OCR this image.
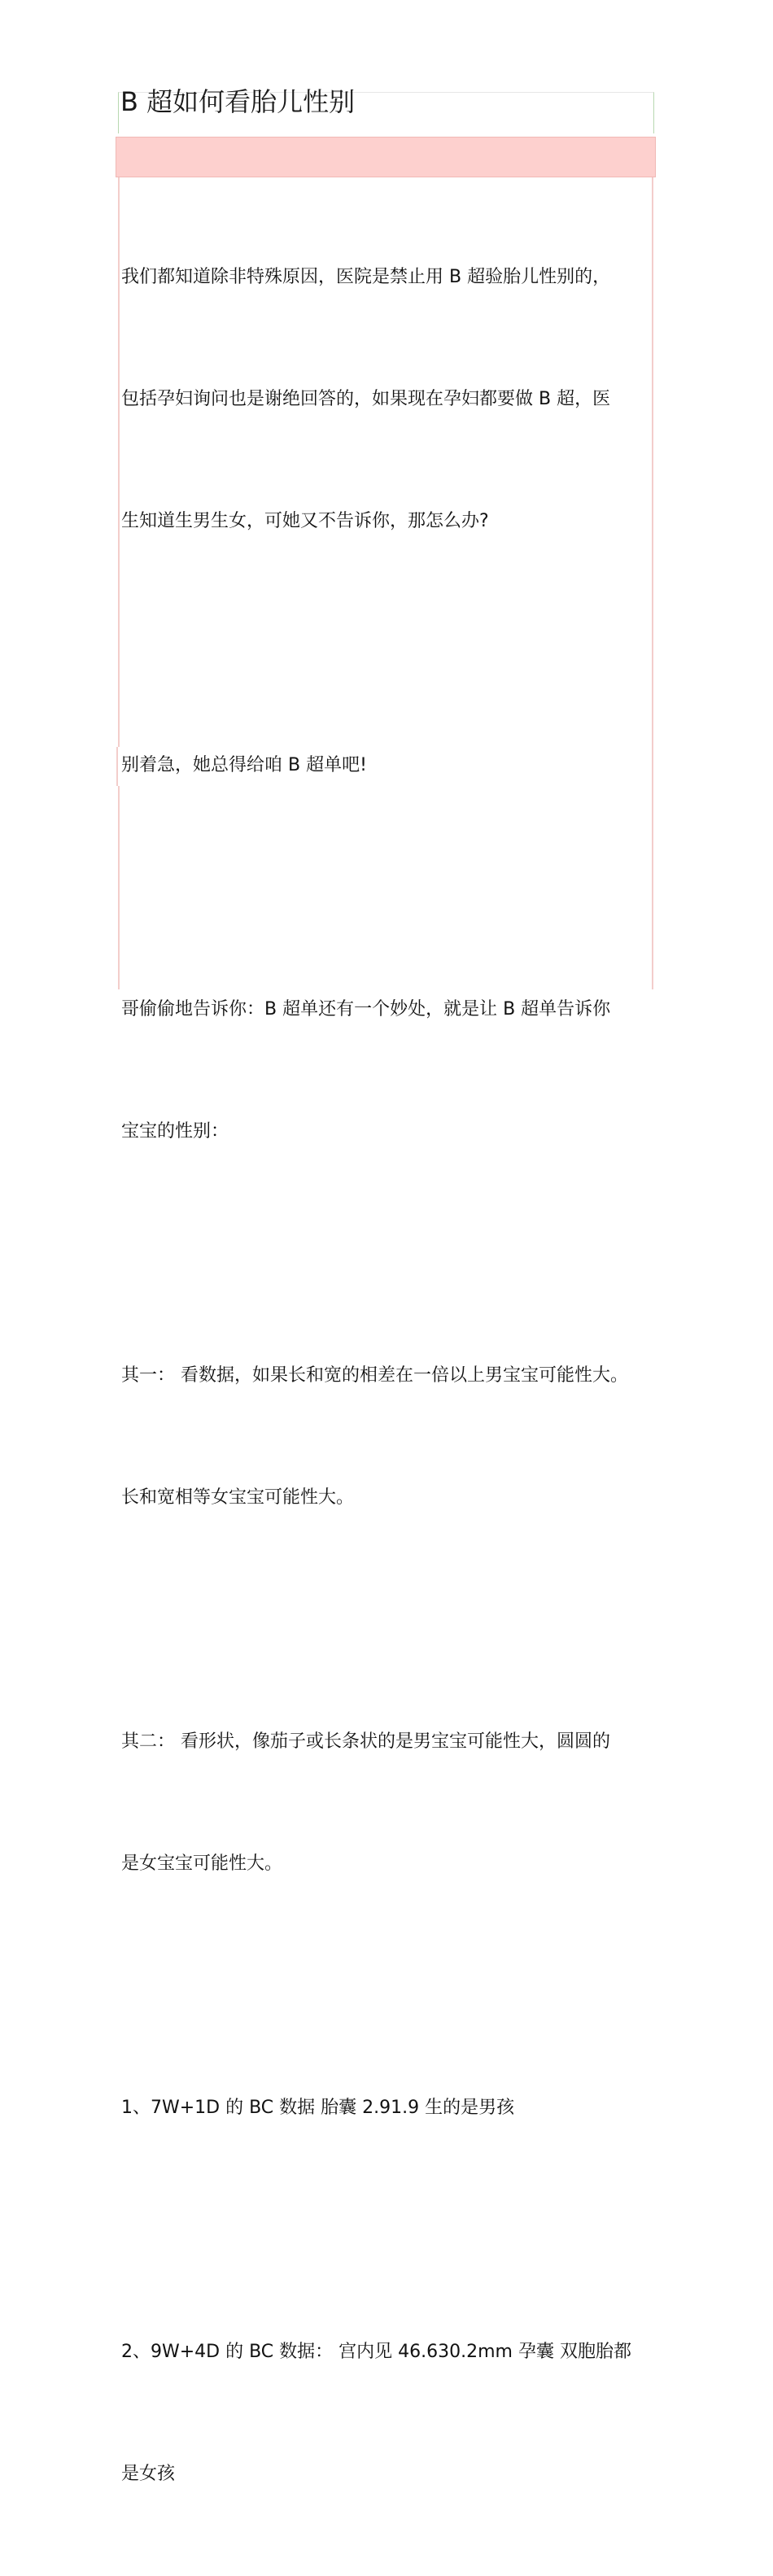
B 超如何看胎儿性别

我们都知道除非特殊原因，医院是禁止用 B 超验胎儿性别的，

包括孕妇询问也是谢绝回答的，如果现在孕妇都要做 B 超，医

生知道生男生女，可她又不告诉你，那怎么办?

别着急，她总得给咱 B 超单吧!

哥偷偷地告诉你：B 超单还有一个妙处，就是让 B 超单告诉你

宝宝的性别：

其一： 看数据，如果长和宽的相差在一倍以上男宝宝可能性大。

长和宽相等女宝宝可能性大。

其二： 看形状，像茄子或长条状的是男宝宝可能性大，圆圆的

是女宝宝可能性大。

1、7W+1D 的 BC 数据 胎囊 2.91.9 生的是男孩

2、9W+4D 的 BC 数据： 宫内见 46.630.2mm 孕囊 双胞胎都

是女孩
